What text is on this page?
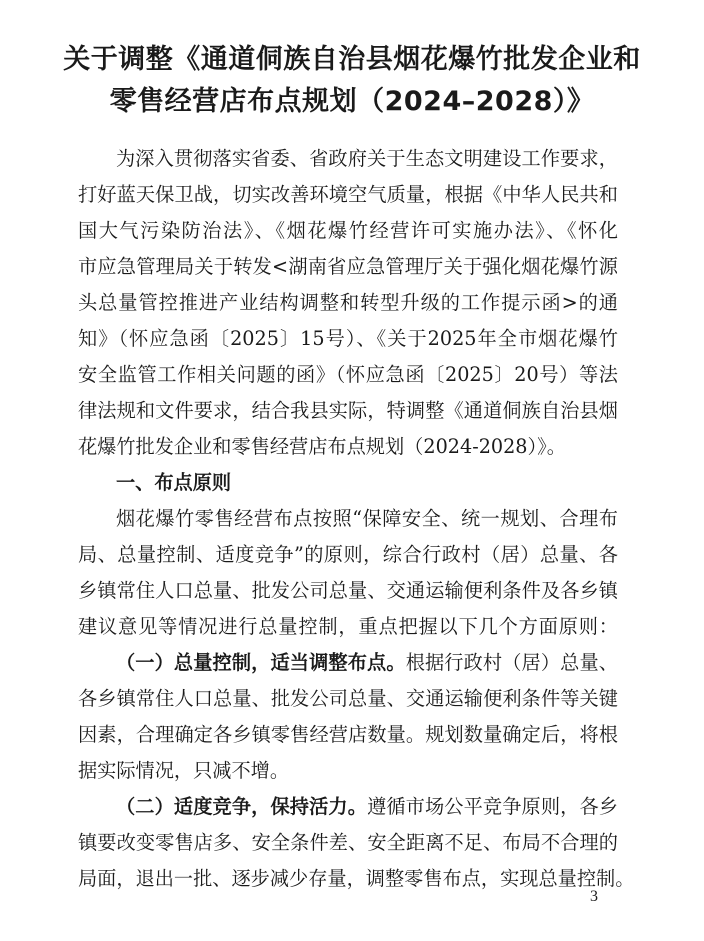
关于调整《通道侗族自治县烟花爆竹批发企业和
零售经营店布点规划（2024–2028）》
为深入贯彻落实省委、省政府关于生态文明建设工作要求，
打好蓝天保卫战，切实改善环境空气质量，根据《中华人民共和
国大气污染防治法》、《烟花爆竹经营许可实施办法》、《怀化
市应急管理局关于转发<湖南省应急管理厅关于强化烟花爆竹源
头总量管控推进产业结构调整和转型升级的工作提示函>的通
知》（怀应急函〔2025〕15号）、《关于2025年全市烟花爆竹
安全监管工作相关问题的函》（怀应急函〔2025〕20号）等法
律法规和文件要求，结合我县实际，特调整《通道侗族自治县烟
花爆竹批发企业和零售经营店布点规划（2024-2028）》。
一、布点原则
烟花爆竹零售经营布点按照“保障安全、统一规划、合理布
局、总量控制、适度竞争”的原则，综合行政村（居）总量、各
乡镇常住人口总量、批发公司总量、交通运输便利条件及各乡镇
建议意见等情况进行总量控制，重点把握以下几个方面原则：
（一）总量控制，适当调整布点。根据行政村（居）总量、
各乡镇常住人口总量、批发公司总量、交通运输便利条件等关键
因素，合理确定各乡镇零售经营店数量。规划数量确定后，将根
据实际情况，只减不增。
（二）适度竞争，保持活力。遵循市场公平竞争原则，各乡
镇要改变零售店多、安全条件差、安全距离不足、布局不合理的
局面，退出一批、逐步减少存量，调整零售布点，实现总量控制。
3
